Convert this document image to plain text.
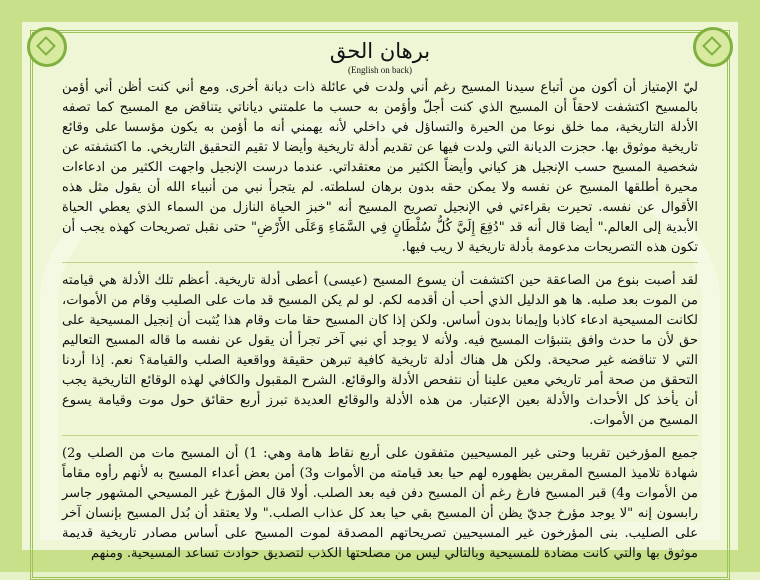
برهان الحق
(English on back)

ليّ الإمتياز أن أكون من أتباع سيدنا المسيح رغم أني ولدت في عائلة ذات ديانة أخرى. ومع أني كنت أظن أني أؤمن بالمسيح اكتشفت لاحقاً أن المسيح الذي كنت أجلّ وأؤمن به حسب ما علمتني دياناتي يتناقض مع المسيح كما تصفه الأدلة التاريخية، مما خلق نوعا من الحيرة والتساؤل في داخلي لأنه يهمني أنه ما أؤمن به يكون مؤسسا على وقائع تاريخية موثوق بها. حجزت الديانة التي ولدت فيها عن تقديم أدلة تاريخية وأيضا لا تقيم التحقيق التاريخي. ما اكتشفته عن شخصية المسيح حسب الإنجيل هز كياني وأيضاً الكثير من معتقداتي. عندما درست الإنجيل واجهت الكثير من ادعاءات محيرة أطلقها المسيح عن نفسه ولا يمكن حقه بدون برهان لسلطته. لم يتجرأ نبي من أنبياء الله أن يقول مثل هذه الأقوال عن نفسه. تحيرت بقراءتي في الإنجيل تصريح المسيح أنه "خبز الحياة النازل من السماء الذي يعطي الحياة الأبدية إلى العالم." أيضا قال أنه قد "دُفِعَ إِلَيَّ كُلُّ سُلْطَانٍ فِي السَّمَاءِ وَعَلَى الأَرْضِ" حتى نقبل تصريحات كهذه يجب أن تكون هذه التصريحات مدعومة بأدلة تاريخية لا ريب فيها.

لقد أصبت بنوع من الصاعقة حين اكتشفت أن يسوع المسيح (عيسى) أعطى أدلة تاريخية. أعظم تلك الأدلة هي قيامته من الموت بعد صلبه. ها هو الدليل الذي أحب أن أقدمه لكم. لو لم يكن المسيح قد مات على الصليب وقام من الأموات، لكانت المسيحية ادعاء كاذبا وإيمانا بدون أساس. ولكن إذا كان المسيح حقا مات وقام هذا يُثبت أن إنجيل المسيحية على حق لأن ما حدث وافق بتنبؤات المسيح فيه. ولأنه لا يوجد أي نبي آخر تجرأ أن يقول عن نفسه ما قاله المسيح التعاليم التي لا تناقضه غير صحيحة. ولكن هل هناك أدلة تاريخية كافية تبرهن حقيقة وواقعية الصلب والقيامة؟ نعم. إذا أردنا التحقق من صحة أمر تاريخي معين علينا أن نتفحص الأدلة والوقائع. الشرح المقبول والكافي لهذه الوقائع التاريخية يجب أن يأخذ كل الأحداث والأدلة بعين الإعتبار. من هذه الأدلة والوقائع العديدة تبرز أربع حقائق حول موت وقيامة يسوع المسيح من الأموات.

جميع المؤرخين تقريبا وحتى غير المسيحيين متفقون على أربع نقاط هامة وهي: 1) أن المسيح مات من الصلب و2) شهادة تلاميذ المسيح المقربين بظهوره لهم حيا بعد قيامته من الأموات و3) أمن بعض أعداء المسيح به لأنهم رأوه مقاماً من الأموات و4) قبر المسيح فارغ رغم أن المسيح دفن فيه بعد الصلب. أولا قال المؤرخ غير المسيحي المشهور جاسر رابسون إنه "لا يوجد مؤرخ جديّ يظن أن المسيح بقي حيا بعد كل عذاب الصلب." ولا يعتقد أن بُدل المسيح بإنسان آخر على الصليب. بنى المؤرخون غير المسيحيين تصريحاتهم المصدقة لموت المسيح على أساس مصادر تاريخية قديمة موثوق بها والتي كانت مضادة للمسيحية وبالتالي ليس من مصلحتها الكذب لتصديق حوادث تساعد المسيحية. ومنهم
